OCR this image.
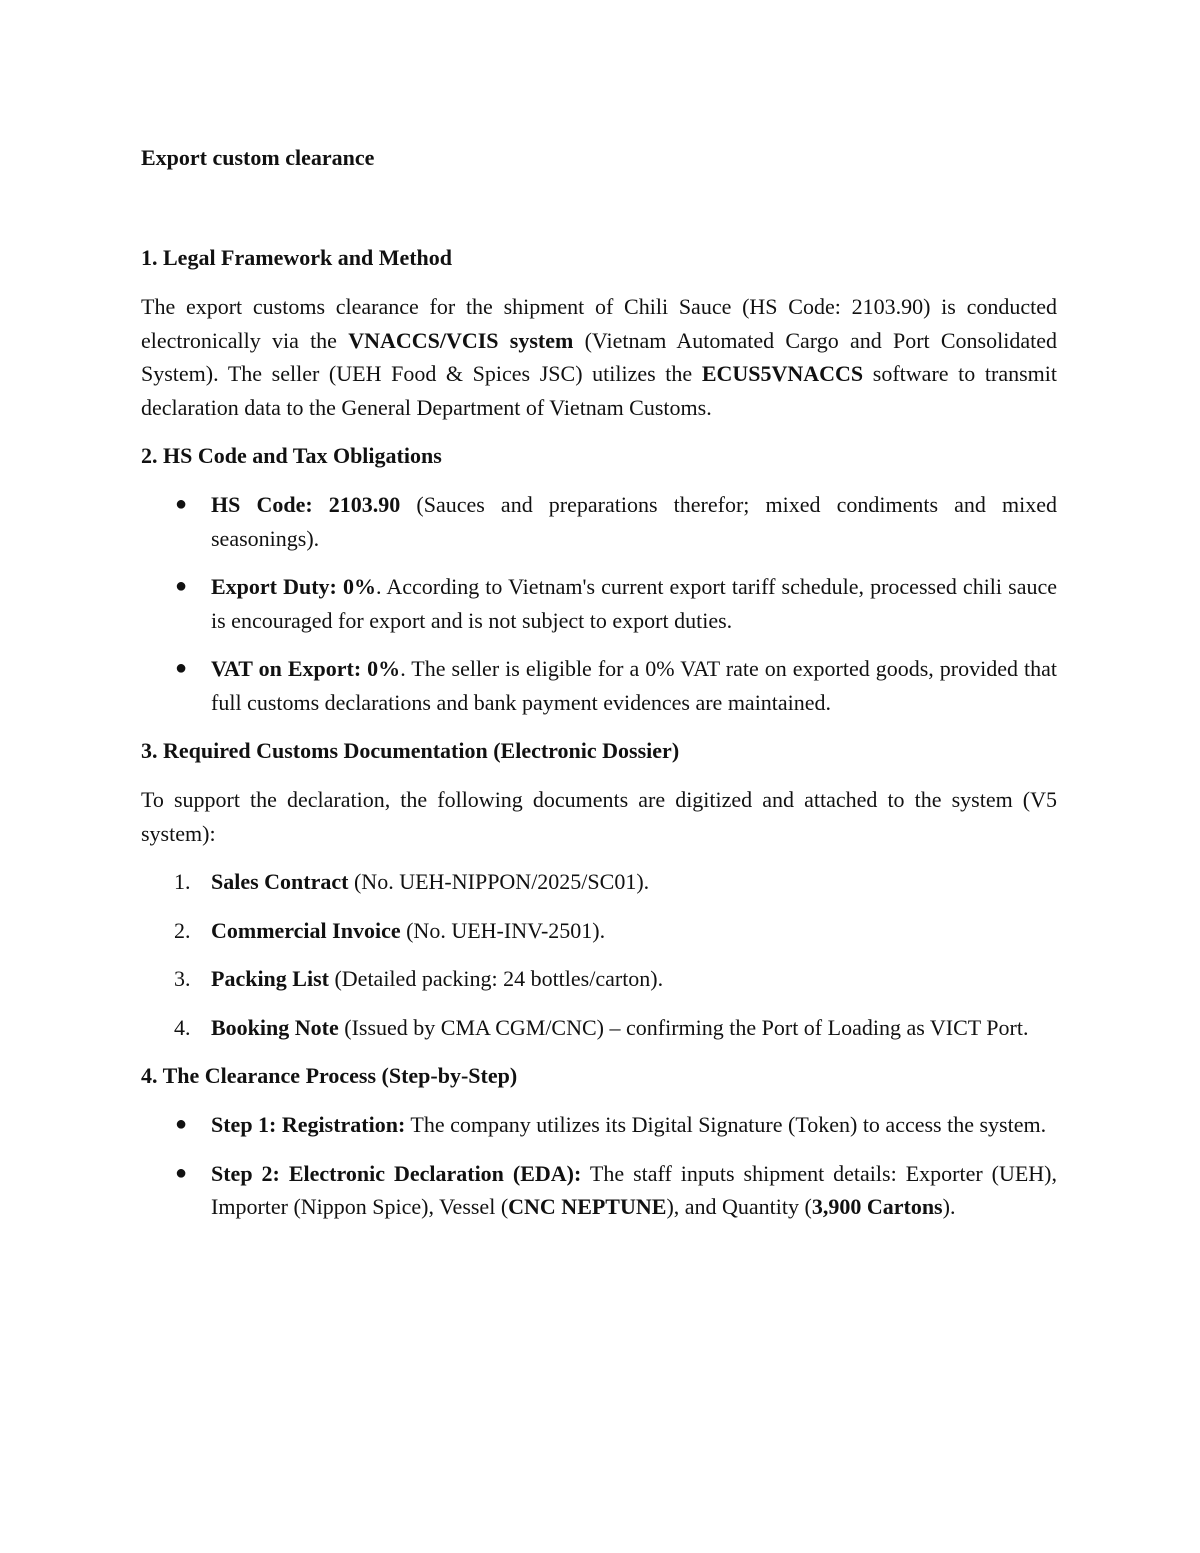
Export custom clearance
1. Legal Framework and Method

The export customs clearance for the shipment of Chili Sauce (HS Code: 2103.90) is conducted electronically via the VNACCS/VCIS system (Vietnam Automated Cargo and Port Consolidated System). The seller (UEH Food & Spices JSC) utilizes the ECUS5VNACCS software to transmit declaration data to the General Department of Vietnam Customs.

2. HS Code and Tax Obligations
● HS Code: 2103.90 (Sauces and preparations therefor; mixed condiments and mixed seasonings).
● Export Duty: 0%. According to Vietnam's current export tariff schedule, processed chili sauce is encouraged for export and is not subject to export duties.
● VAT on Export: 0%. The seller is eligible for a 0% VAT rate on exported goods, provided that full customs declarations and bank payment evidences are maintained.
3. Required Customs Documentation (Electronic Dossier)

To support the declaration, the following documents are digitized and attached to the system (V5 system):

1. Sales Contract (No. UEH-NIPPON/2025/SC01).
2. Commercial Invoice (No. UEH-INV-2501).
3. Packing List (Detailed packing: 24 bottles/carton).
4. Booking Note (Issued by CMA CGM/CNC) – confirming the Port of Loading as VICT Port.
4. The Clearance Process (Step-by-Step)
● Step 1: Registration: The company utilizes its Digital Signature (Token) to access the system.
● Step 2: Electronic Declaration (EDA): The staff inputs shipment details: Exporter (UEH), Importer (Nippon Spice), Vessel (CNC NEPTUNE), and Quantity (3,900 Cartons).
